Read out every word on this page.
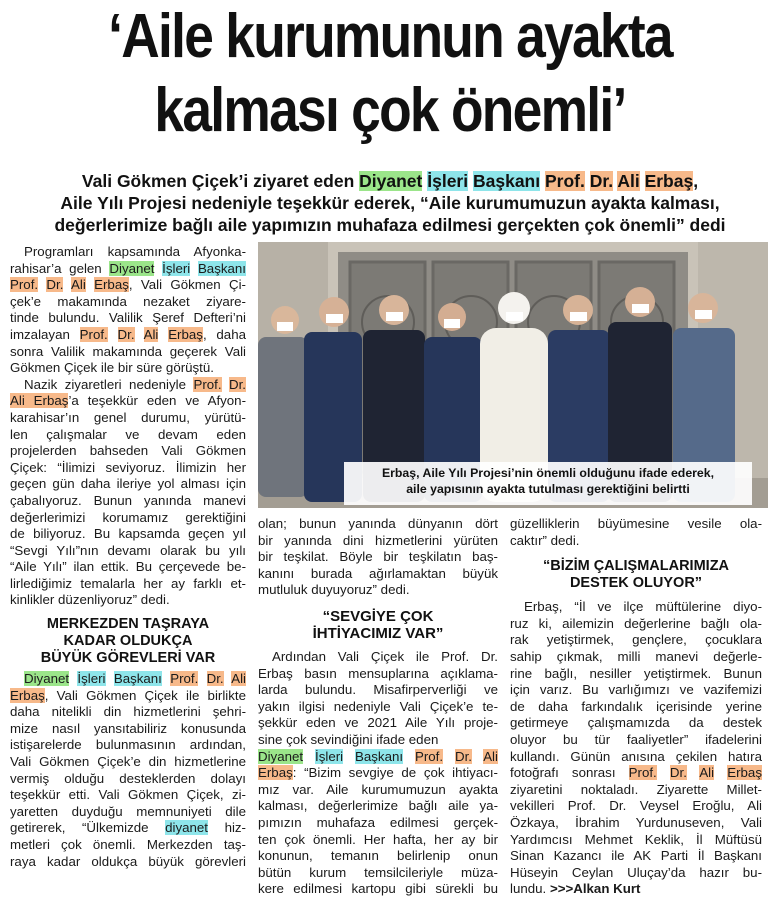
‘Aile kurumunun ayakta
kalması çok önemli’
Vali Gökmen Çiçek’i ziyaret eden Diyanet İşleri Başkanı Prof. Dr. Ali Erbaş,
Aile Yılı Projesi nedeniyle teşekkür ederek, “Aile kurumumuzun ayakta kalması,
değerlerimize bağlı aile yapımızın muhafaza edilmesi gerçekten çok önemli” dedi
Programları kapsamında Afyonka-
rahisar’a gelen Diyanet İşleri Başkanı
Prof. Dr. Ali Erbaş, Vali Gökmen Çi-
çek’e makamında nezaket ziyare-
tinde bulundu. Valilik Şeref Defteri’ni
imzalayan Prof. Dr. Ali Erbaş, daha
sonra Valilik makamında geçerek Vali
Gökmen Çiçek ile bir süre görüştü.
Nazik ziyaretleri nedeniyle Prof. Dr.
Ali Erbaş’a teşekkür eden ve Afyon-
karahisar’ın genel durumu, yürütü-
len çalışmalar ve devam eden
projelerden bahseden Vali Gökmen
Çiçek: “İlimizi seviyoruz. İlimizin her
geçen gün daha ileriye yol alması için
çabalıyoruz. Bunun yanında manevi
değerlerimizi korumamız gerektiğini
de biliyoruz. Bu kapsamda geçen yıl
“Sevgi Yılı”nın devamı olarak bu yılı
“Aile Yılı” ilan ettik. Bu çerçevede be-
lirlediğimiz temalarla her ay farklı et-
kinlikler düzenliyoruz” dedi.

MERKEZDEN TAŞRAYA

KADAR OLDUKÇA

BÜYÜK GÖREVLERİ VAR

Diyanet İşleri Başkanı Prof. Dr. Ali
Erbaş, Vali Gökmen Çiçek ile birlikte
daha nitelikli din hizmetlerini şehri-
mize nasıl yansıtabiliriz konusunda
istişarelerde bulunmasının ardından,
Vali Gökmen Çiçek’e din hizmetlerine
vermiş olduğu desteklerden dolayı
teşekkür etti. Vali Gökmen Çiçek, zi-
yaretten duyduğu memnuniyeti dile
getirerek, “Ülkemizde diyanet hiz-
metleri çok önemli. Merkezden taş-
raya kadar oldukça büyük görevleri
Erbaş, Aile Yılı Projesi’nin önemli olduğunu ifade ederek,
aile yapısının ayakta tutulması gerektiğini belirtti
olan; bunun yanında dünyanın dört
bir yanında dini hizmetlerini yürüten
bir teşkilat. Böyle bir teşkilatın baş-
kanını burada ağırlamaktan büyük
mutluluk duyuyoruz” dedi.

“SEVGİYE ÇOK

İHTİYACIMIZ VAR”

Ardından Vali Çiçek ile Prof. Dr.
Erbaş basın mensuplarına açıklama-
larda bulundu. Misafirperverliği ve
yakın ilgisi nedeniyle Vali Çiçek’e te-
şekkür eden ve 2021 Aile Yılı proje-
sine çok sevindiğini ifade eden
Diyanet İşleri Başkanı Prof. Dr. Ali
Erbaş: “Bizim sevgiye de çok ihtiyacı-
mız var. Aile kurumumuzun ayakta
kalması, değerlerimize bağlı aile ya-
pımızın muhafaza edilmesi gerçek-
ten çok önemli. Her hafta, her ay bir
konunun, temanın belirlenip onun
bütün kurum temsilcileriyle müza-
kere edilmesi kartopu gibi sürekli bu
güzelliklerin büyümesine vesile ola-
caktır” dedi.

“BİZİM ÇALIŞMALARIMIZA

DESTEK OLUYOR”

Erbaş, “İl ve ilçe müftülerine diyo-
ruz ki, ailemizin değerlerine bağlı ola-
rak yetiştirmek, gençlere, çocuklara
sahip çıkmak, milli manevi değerle-
rine bağlı, nesiller yetiştirmek. Bunun
için varız. Bu varlığımızı ve vazifemizi
de daha farkındalık içerisinde yerine
getirmeye çalışmamızda da destek
oluyor bu tür faaliyetler” ifadelerini
kullandı. Günün anısına çekilen hatıra
fotoğrafı sonrası Prof. Dr. Ali Erbaş
ziyaretini noktaladı. Ziyarette Millet-
vekilleri Prof. Dr. Veysel Eroğlu, Ali
Özkaya, İbrahim Yurdunuseven, Vali
Yardımcısı Mehmet Keklik, İl Müftüsü
Sinan Kazancı ile AK Parti İl Başkanı
Hüseyin Ceylan Uluçay’da hazır bu-
lundu. >>>Alkan Kurt
